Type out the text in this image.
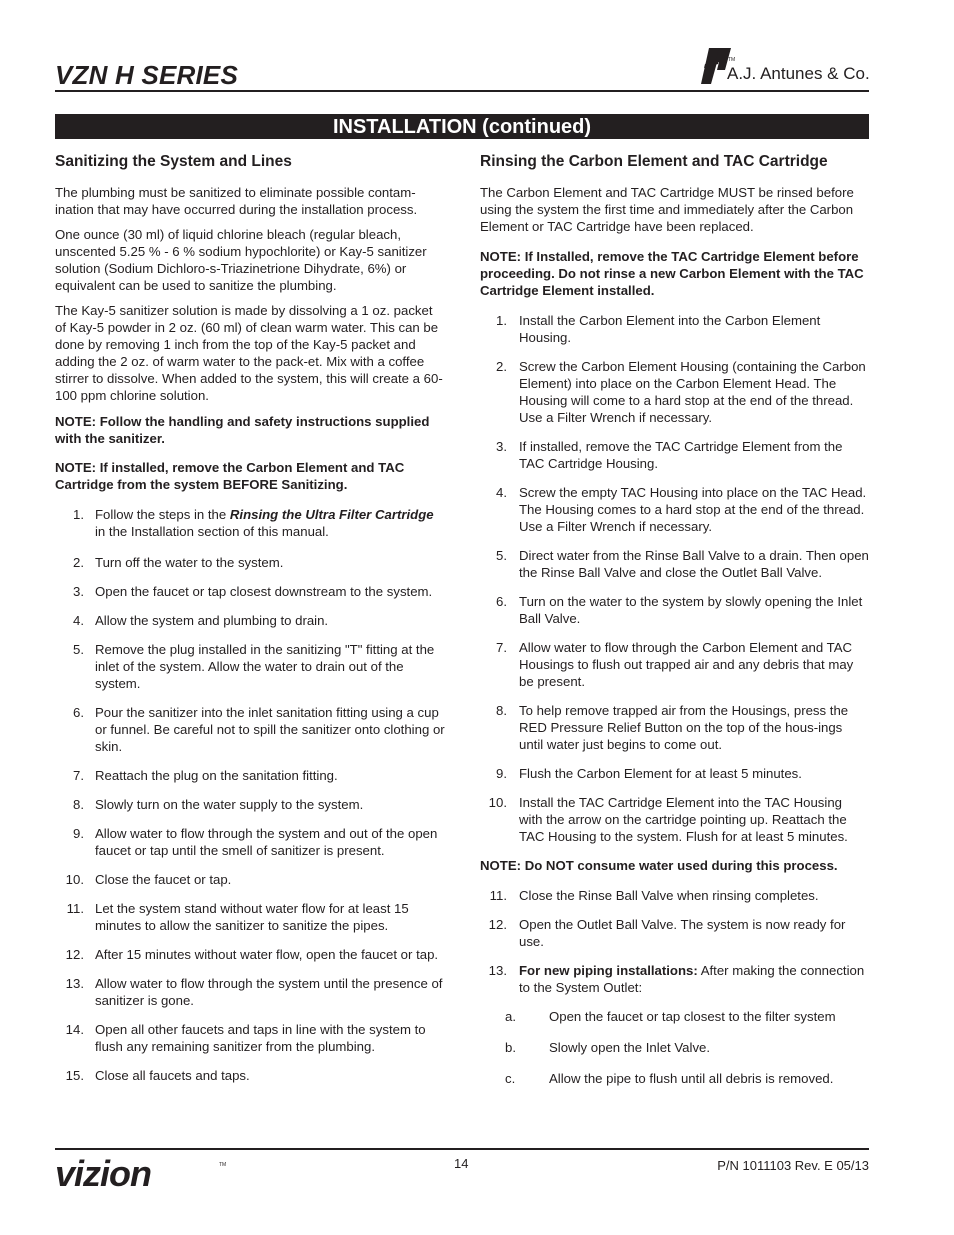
VZN H SERIES	TM
A.J. Antunes & Co.
INSTALLATION (continued)
Sanitizing the System and Lines

The plumbing must be sanitized to eliminate possible contam-ination that may have occurred during the installation process.

One ounce (30 ml) of liquid chlorine bleach (regular bleach, unscented 5.25 % - 6 % sodium hypochlorite) or Kay-5 sanitizer solution (Sodium Dichloro-s-Triazinetrione Dihydrate, 6%) or equivalent can be used to sanitize the plumbing.

The Kay-5 sanitizer solution is made by dissolving a 1 oz. packet of Kay-5 powder in 2 oz. (60 ml) of clean warm water. This can be done by removing 1 inch from the top of the Kay-5 packet and adding the 2 oz. of warm water to the pack-et. Mix with a coffee stirrer to dissolve. When added to the system, this will create a 60-100 ppm chlorine solution.

NOTE: Follow the handling and safety instructions supplied with the sanitizer.

NOTE: If installed, remove the Carbon Element and TAC Cartridge from the system BEFORE Sanitizing.

1. Follow the steps in the Rinsing the Ultra Filter Cartridge in the Installation section of this manual.
2. Turn off the water to the system.
3. Open the faucet or tap closest downstream to the system.
4. Allow the system and plumbing to drain.
5. Remove the plug installed in the sanitizing "T" fitting at the inlet of the system. Allow the water to drain out of the system.
6. Pour the sanitizer into the inlet sanitation fitting using a cup or funnel. Be careful not to spill the sanitizer onto clothing or skin.
7. Reattach the plug on the sanitation fitting.
8. Slowly turn on the water supply to the system.
9. Allow water to flow through the system and out of the open faucet or tap until the smell of sanitizer is present.
10. Close the faucet or tap.
11. Let the system stand without water flow for at least 15 minutes to allow the sanitizer to sanitize the pipes.
12. After 15 minutes without water flow, open the faucet or tap.
13. Allow water to flow through the system until the presence of sanitizer is gone.
14. Open all other faucets and taps in line with the system to flush any remaining sanitizer from the plumbing.
15. Close all faucets and taps.
Rinsing the Carbon Element and TAC Cartridge

The Carbon Element and TAC Cartridge MUST be rinsed before using the system the first time and immediately after the Carbon Element or TAC Cartridge have been replaced.

NOTE: If Installed, remove the TAC Cartridge Element before proceeding. Do not rinse a new Carbon Element with the TAC Cartridge Element installed.

1. Install the Carbon Element into the Carbon Element Housing.
2. Screw the Carbon Element Housing (containing the Carbon Element) into place on the Carbon Element Head. The Housing will come to a hard stop at the end of the thread. Use a Filter Wrench if necessary.
3. If installed, remove the TAC Cartridge Element from the TAC Cartridge Housing.
4. Screw the empty TAC Housing into place on the TAC Head. The Housing comes to a hard stop at the end of the thread. Use a Filter Wrench if necessary.
5. Direct water from the Rinse Ball Valve to a drain. Then open the Rinse Ball Valve and close the Outlet Ball Valve.
6. Turn on the water to the system by slowly opening the Inlet Ball Valve.
7. Allow water to flow through the Carbon Element and TAC Housings to flush out trapped air and any debris that may be present.
8. To help remove trapped air from the Housings, press the RED Pressure Relief Button on the top of the hous-ings until water just begins to come out.
9. Flush the Carbon Element for at least 5 minutes.
10. Install the TAC Cartridge Element into the TAC Housing with the arrow on the cartridge pointing up. Reattach the TAC Housing to the system. Flush for at least 5 minutes.

NOTE: Do NOT consume water used during this process.

11. Close the Rinse Ball Valve when rinsing completes.
12. Open the Outlet Ball Valve. The system is now ready for use.
13. For new piping installations: After making the connection to the System Outlet:
a.	Open the faucet or tap closest to the filter system
b.	Slowly open the Inlet Valve.
c.	Allow the pipe to flush until all debris is removed.
vizion	TM	14	P/N 1011103 Rev. E 05/13
